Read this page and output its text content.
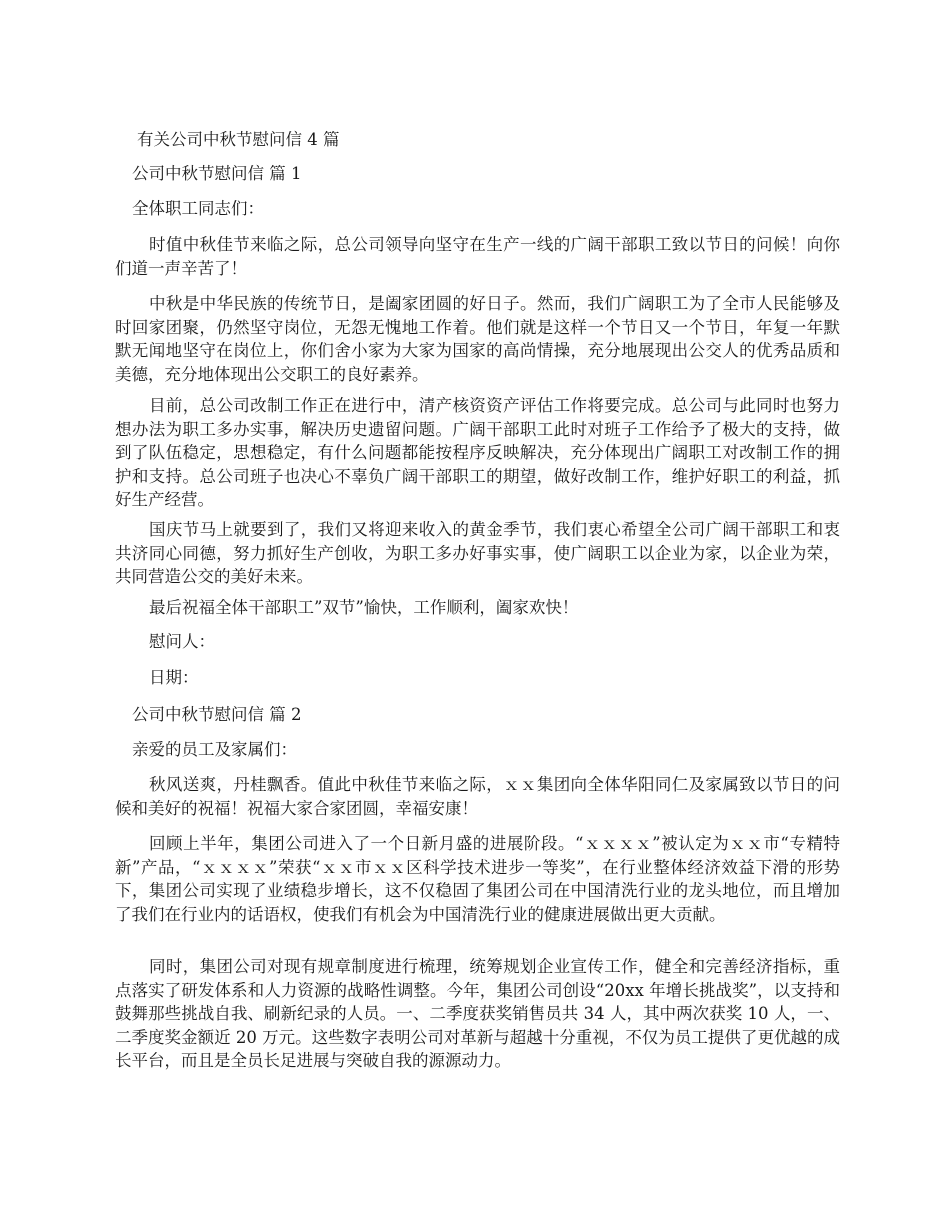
有关公司中秋节慰问信 4 篇
公司中秋节慰问信 篇 1
全体职工同志们：

时值中秋佳节来临之际，总公司领导向坚守在生产一线的广阔干部职工致以节日的问候！向你们道一声辛苦了！

中秋是中华民族的传统节日，是阖家团圆的好日子。然而，我们广阔职工为了全市人民能够及时回家团聚，仍然坚守岗位，无怨无愧地工作着。他们就是这样一个节日又一个节日，年复一年默默无闻地坚守在岗位上，你们舍小家为大家为国家的高尚情操，充分地展现出公交人的优秀品质和美德，充分地体现出公交职工的良好素养。

目前，总公司改制工作正在进行中，清产核资资产评估工作将要完成。总公司与此同时也努力想办法为职工多办实事，解决历史遗留问题。广阔干部职工此时对班子工作给予了极大的支持，做到了队伍稳定，思想稳定，有什么问题都能按程序反映解决，充分体现出广阔职工对改制工作的拥护和支持。总公司班子也决心不辜负广阔干部职工的期望，做好改制工作，维护好职工的利益，抓好生产经营。

国庆节马上就要到了，我们又将迎来收入的黄金季节，我们衷心希望全公司广阔干部职工和衷共济同心同德，努力抓好生产创收，为职工多办好事实事，使广阔职工以企业为家，以企业为荣，共同营造公交的美好未来。

最后祝福全体干部职工”双节”愉快，工作顺利，阖家欢快！

慰问人：
日期：
公司中秋节慰问信 篇 2
亲爱的员工及家属们：

秋风送爽，丹桂飘香。值此中秋佳节来临之际，ｘｘ集团向全体华阳同仁及家属致以节日的问候和美好的祝福！祝福大家合家团圆，幸福安康！

回顾上半年，集团公司进入了一个日新月盛的进展阶段。“ｘｘｘｘ”被认定为ｘｘ市“专精特新”产品，“ｘｘｘｘ”荣获“ｘｘ市ｘｘ区科学技术进步一等奖”，在行业整体经济效益下滑的形势下，集团公司实现了业绩稳步增长，这不仅稳固了集团公司在中国清洗行业的龙头地位，而且增加了我们在行业内的话语权，使我们有机会为中国清洗行业的健康进展做出更大贡献。

同时，集团公司对现有规章制度进行梳理，统筹规划企业宣传工作，健全和完善经济指标，重点落实了研发体系和人力资源的战略性调整。今年，集团公司创设“20xx 年增长挑战奖”，以支持和鼓舞那些挑战自我、刷新纪录的人员。一、二季度获奖销售员共 34 人，其中两次获奖 10 人，一、二季度奖金额近 20 万元。这些数字表明公司对革新与超越十分重视，不仅为员工提供了更优越的成长平台，而且是全员长足进展与突破自我的源源动力。
